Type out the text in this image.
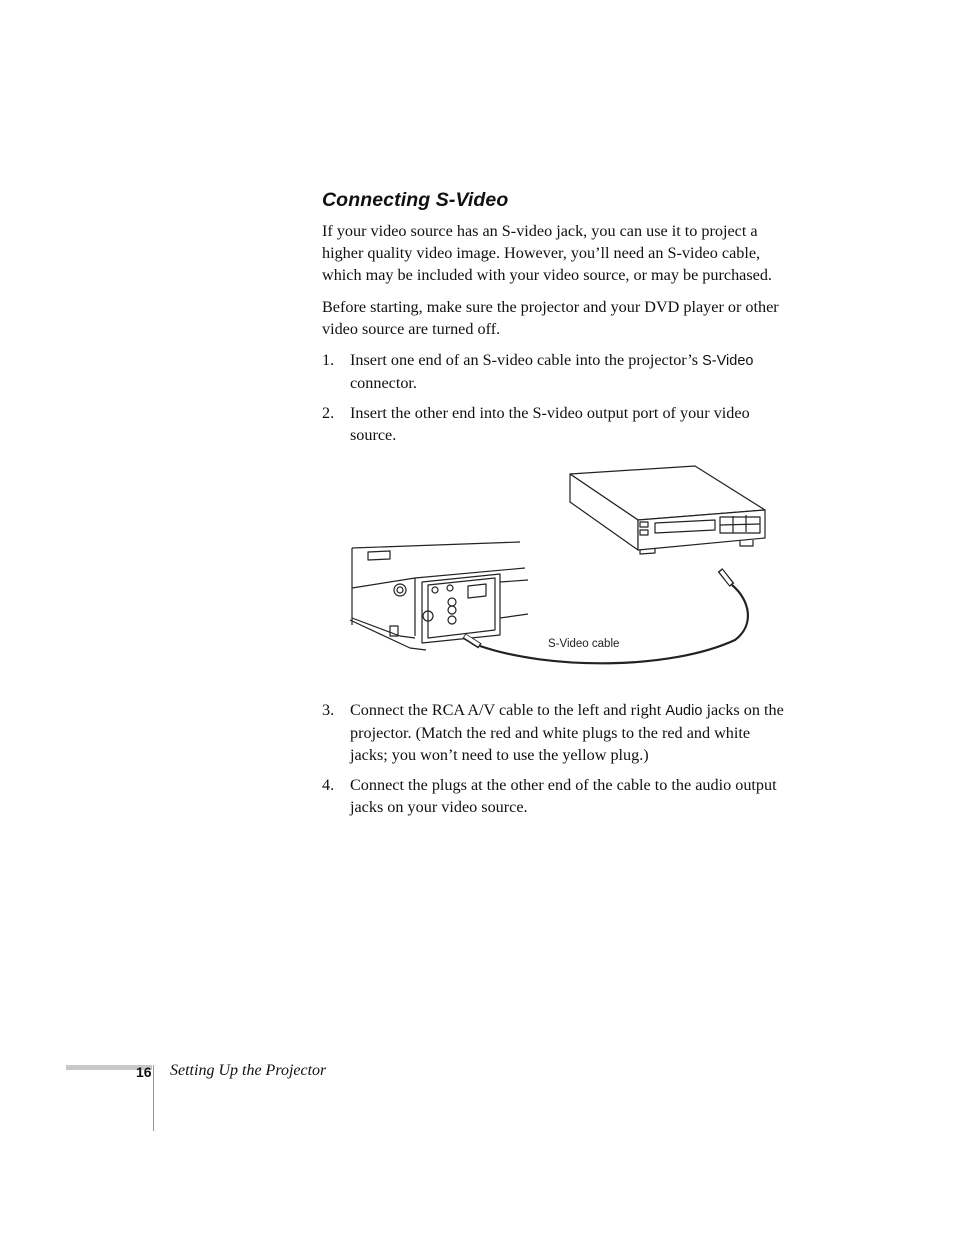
Connecting S-Video

If your video source has an S-video jack, you can use it to project a higher quality video image. However, you’ll need an S-video cable, which may be included with your video source, or may be purchased.

Before starting, make sure the projector and your DVD player or other video source are turned off.

1. Insert one end of an S-video cable into the projector’s S-Video connector.
2. Insert the other end into the S-video output port of your video source.
S-Video cable
3. Connect the RCA A/V cable to the left and right Audio jacks on the projector. (Match the red and white plugs to the red and white jacks; you won’t need to use the yellow plug.)
4. Connect the plugs at the other end of the cable to the audio output jacks on your video source.
16 Setting Up the Projector
